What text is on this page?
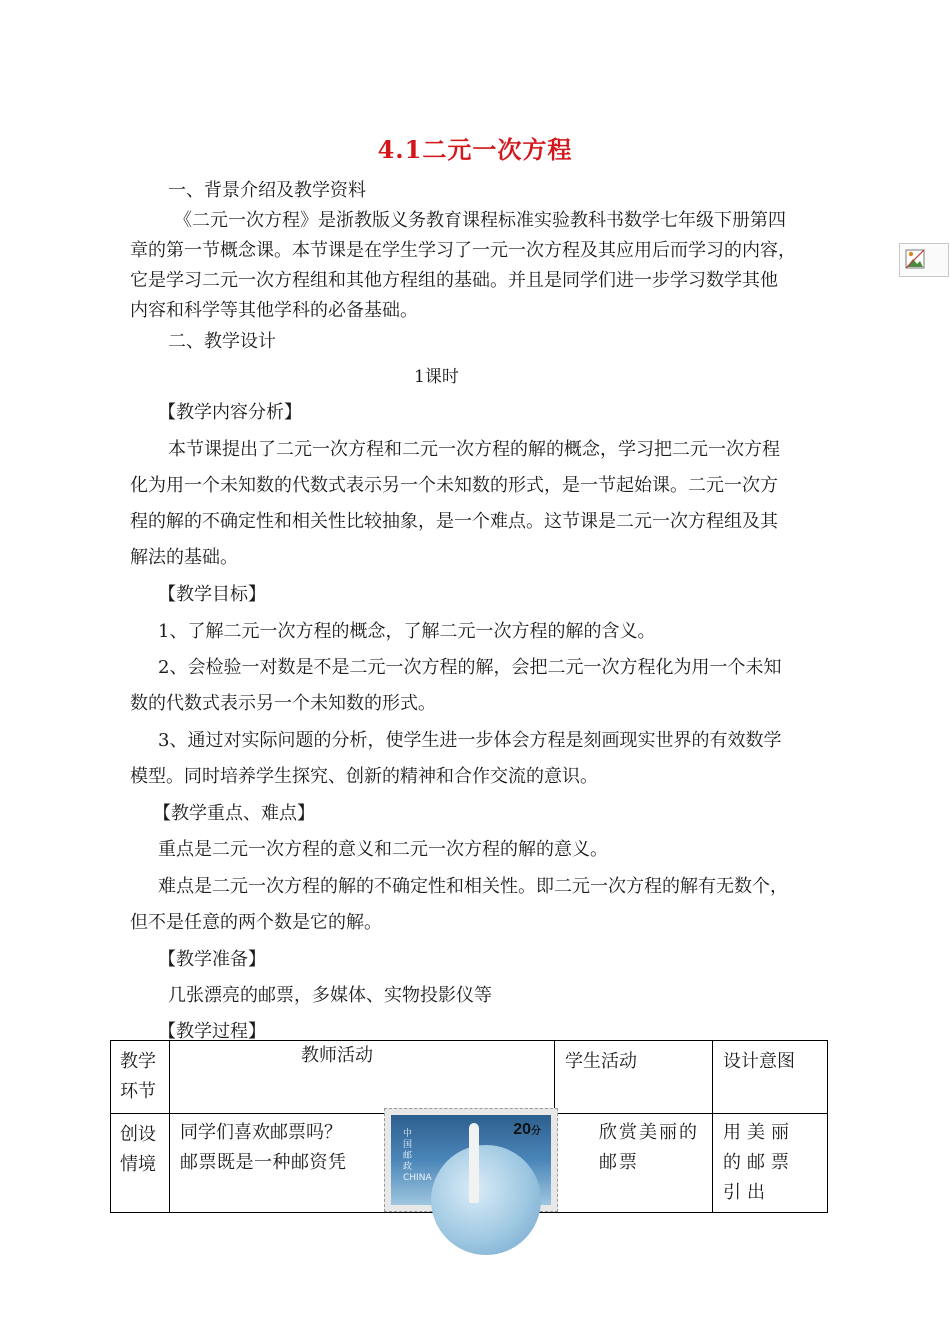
4.1二元一次方程
一、背景介绍及教学资料
《二元一次方程》是浙教版义务教育课程标准实验教科书数学七年级下册第四
章的第一节概念课。本节课是在学生学习了一元一次方程及其应用后而学习的内容，
它是学习二元一次方程组和其他方程组的基础。并且是同学们进一步学习数学其他
内容和科学等其他学科的必备基础。
二、教学设计
1课时
【教学内容分析】
本节课提出了二元一次方程和二元一次方程的解的概念，学习把二元一次方程
化为用一个未知数的代数式表示另一个未知数的形式，是一节起始课。二元一次方
程的解的不确定性和相关性比较抽象，是一个难点。这节课是二元一次方程组及其
解法的基础。
【教学目标】
1、了解二元一次方程的概念，了解二元一次方程的解的含义。
2、会检验一对数是不是二元一次方程的解，会把二元一次方程化为用一个未知
数的代数式表示另一个未知数的形式。
3、通过对实际问题的分析，使学生进一步体会方程是刻画现实世界的有效数学
模型。同时培养学生探究、创新的精神和合作交流的意识。
【教学重点、难点】
重点是二元一次方程的意义和二元一次方程的解的意义。
难点是二元一次方程的解的不确定性和相关性。即二元一次方程的解有无数个，
但不是任意的两个数是它的解。
【教学准备】
几张漂亮的邮票，多媒体、实物投影仪等
【教学过程】
教学环节	教师活动	学生活动	设计意图
创设情境	同学们喜欢邮票吗？
邮票既是一种邮资凭	欣赏美丽的邮票	用美丽的邮票引出
中国邮政 CHINA
20分
